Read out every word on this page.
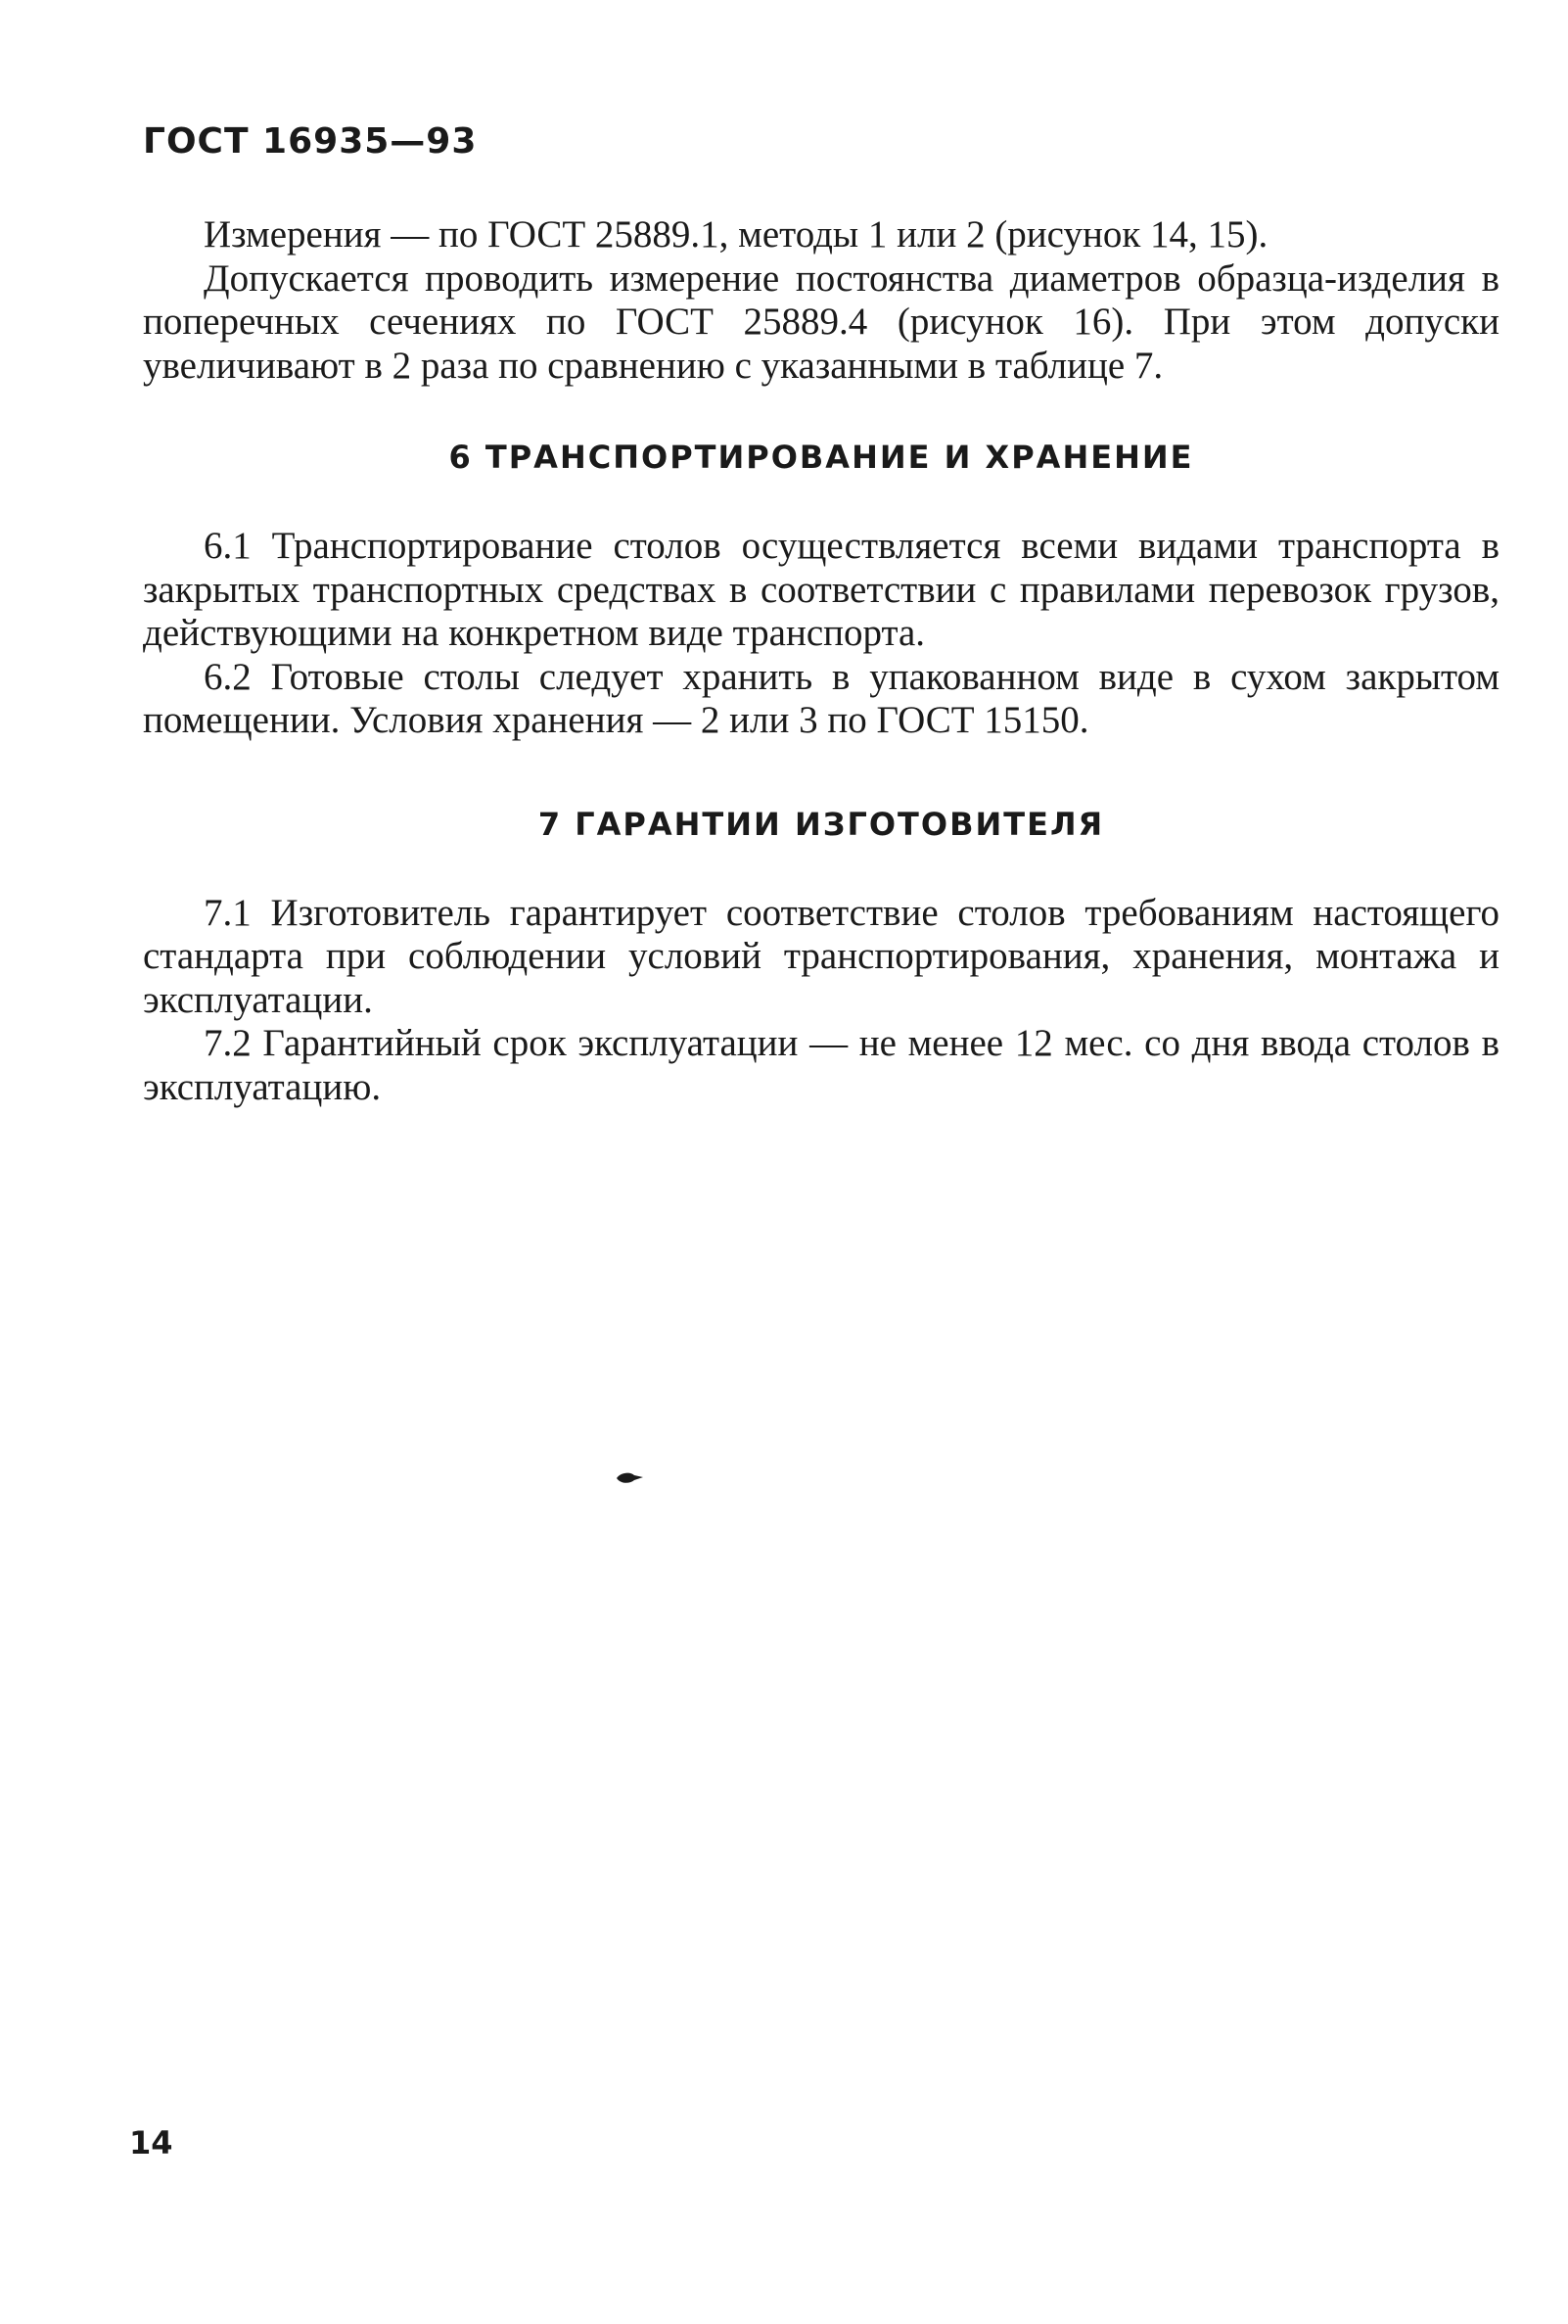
ГОСТ 16935—93

Измерения — по ГОСТ 25889.1, методы 1 или 2 (рисунок 14, 15).

Допускается проводить измерение постоянства диаметров образца-изделия в поперечных сечениях по ГОСТ 25889.4 (рисунок 16). При этом допуски увеличивают в 2 раза по сравнению с указанными в таблице 7.

6 ТРАНСПОРТИРОВАНИЕ И ХРАНЕНИЕ

6.1 Транспортирование столов осуществляется всеми видами транспорта в закрытых транспортных средствах в соответствии с правилами перевозок грузов, действующими на конкретном виде транспорта.

6.2 Готовые столы следует хранить в упакованном виде в сухом закрытом помещении. Условия хранения — 2 или 3 по ГОСТ 15150.

7 ГАРАНТИИ ИЗГОТОВИТЕЛЯ

7.1 Изготовитель гарантирует соответствие столов требованиям настоящего стандарта при соблюдении условий транспортирования, хранения, монтажа и эксплуатации.

7.2 Гарантийный срок эксплуатации — не менее 12 мес. со дня ввода столов в эксплуатацию.

14
